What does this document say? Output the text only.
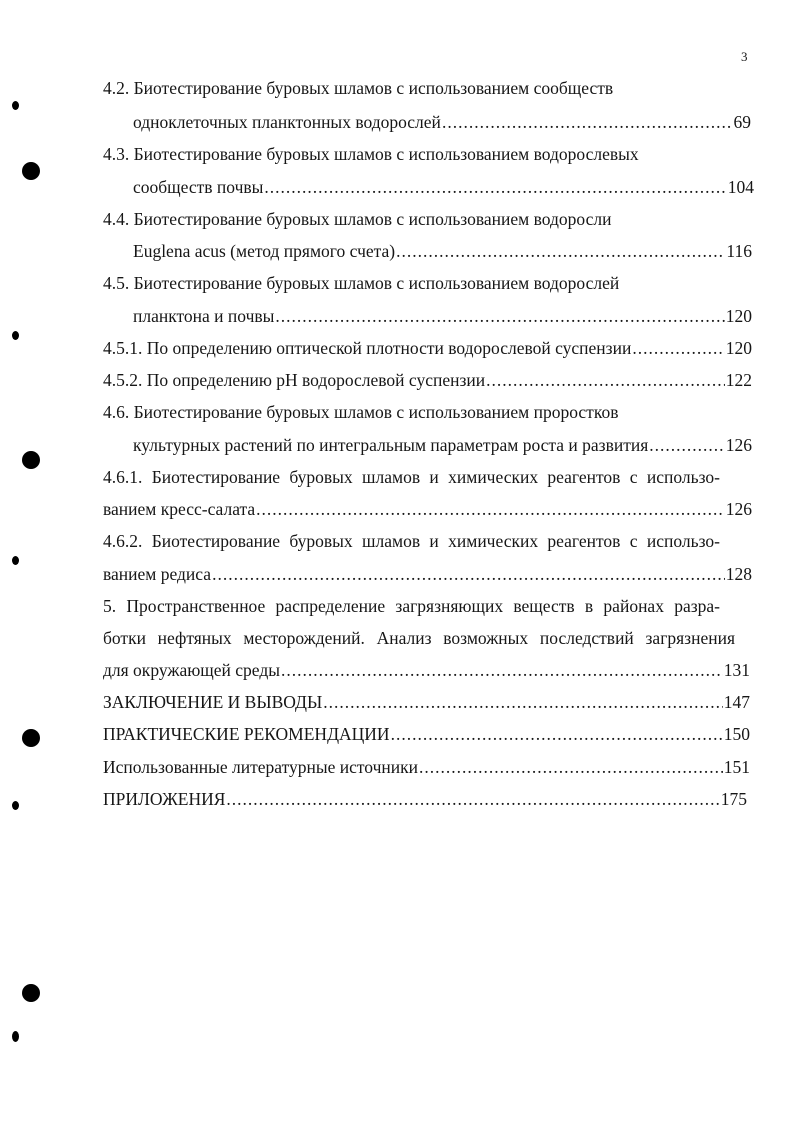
3
4.2. Биотестирование буровых шламов с использованием сообществ
одноклеточных планктонных водорослей .....	69
4.3. Биотестирование буровых шламов с использованием водорослевых
сообществ почвы .....	104
4.4. Биотестирование буровых шламов с использованием водоросли
Euglena acus (метод прямого счета) .....	116
4.5. Биотестирование буровых шламов с использованием водорослей
планктона и почвы .....	120
4.5.1. По определению оптической плотности водорослевой суспензии .....	120
4.5.2. По определению pH водорослевой суспензии .....	122
4.6. Биотестирование буровых шламов с использованием проростков
культурных растений по интегральным параметрам роста и развития .....	126
4.6.1. Биотестирование буровых шламов и химических реагентов с использо-
ванием кресс-салата .....	126
4.6.2. Биотестирование буровых шламов и химических реагентов с использо-
ванием редиса .....	128
5. Пространственное распределение загрязняющих веществ в районах разра-
ботки нефтяных месторождений. Анализ возможных последствий загрязнения
для окружающей среды .....	131
ЗАКЛЮЧЕНИЕ И ВЫВОДЫ .....	147
ПРАКТИЧЕСКИЕ РЕКОМЕНДАЦИИ .....	150
Использованные литературные источники .....	151
ПРИЛОЖЕНИЯ .....	175
